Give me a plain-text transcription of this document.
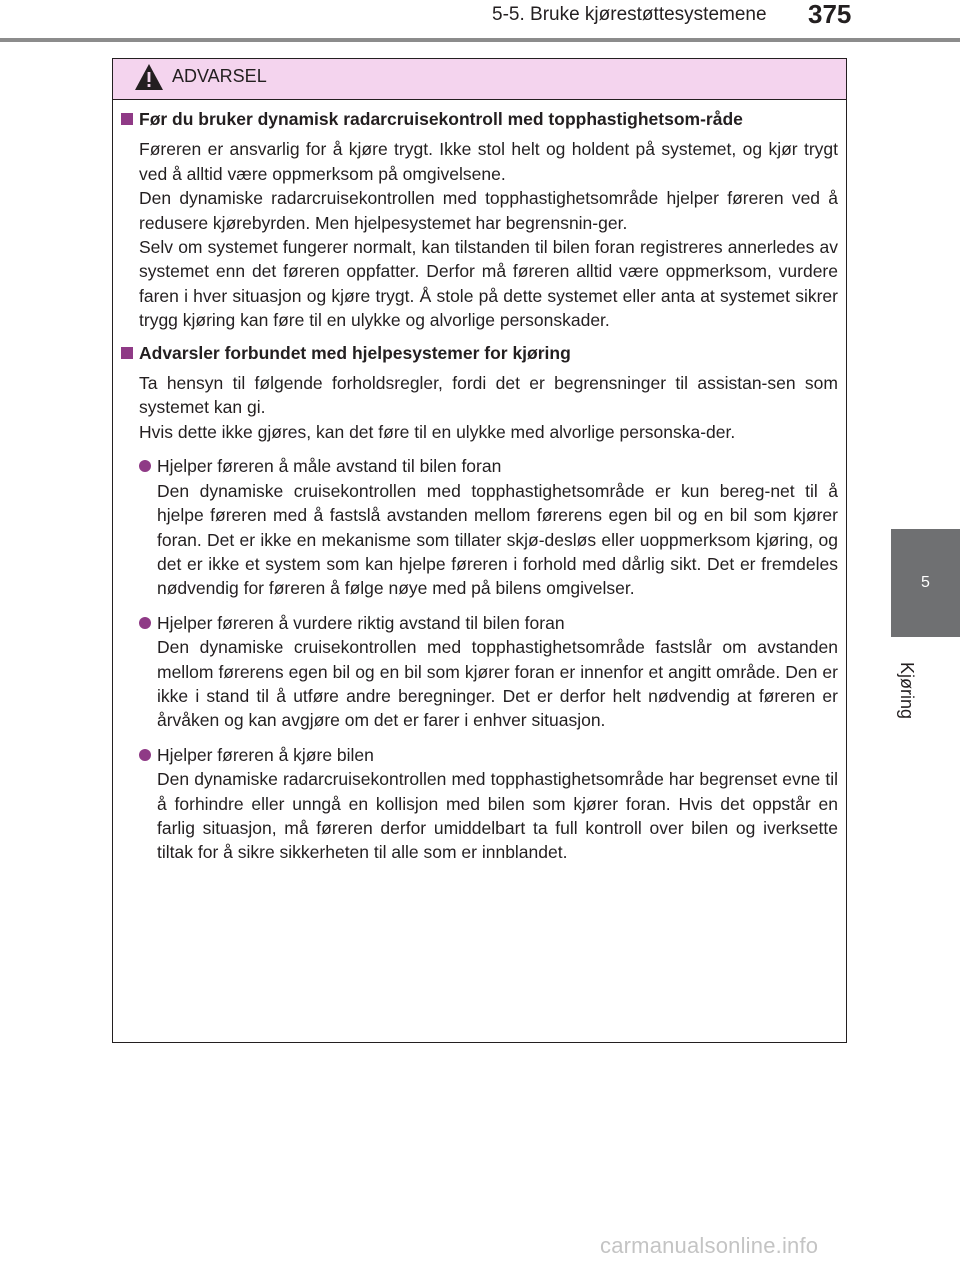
5-5. Bruke kjørestøttesystemene	375
5
Kjøring
ADVARSEL
Før du bruker dynamisk radarcruisekontroll med topphastighetsom-råde

Føreren er ansvarlig for å kjøre trygt. Ikke stol helt og holdent på systemet, og kjør trygt ved å alltid være oppmerksom på omgivelsene.

Den dynamiske radarcruisekontrollen med topphastighetsområde hjelper føreren ved å redusere kjørebyrden. Men hjelpesystemet har begrensnin-ger.

Selv om systemet fungerer normalt, kan tilstanden til bilen foran registreres annerledes av systemet enn det føreren oppfatter. Derfor må føreren alltid være oppmerksom, vurdere faren i hver situasjon og kjøre trygt. Å stole på dette systemet eller anta at systemet sikrer trygg kjøring kan føre til en ulykke og alvorlige personskader.

Advarsler forbundet med hjelpesystemer for kjøring

Ta hensyn til følgende forholdsregler, fordi det er begrensninger til assistan-sen som systemet kan gi.

Hvis dette ikke gjøres, kan det føre til en ulykke med alvorlige personska-der.

Hjelper føreren å måle avstand til bilen foran

Den dynamiske cruisekontrollen med topphastighetsområde er kun bereg-net til å hjelpe føreren med å fastslå avstanden mellom førerens egen bil og en bil som kjører foran. Det er ikke en mekanisme som tillater skjø-desløs eller uoppmerksom kjøring, og det er ikke et system som kan hjelpe føreren i forhold med dårlig sikt. Det er fremdeles nødvendig for føreren å følge nøye med på bilens omgivelser.

Hjelper føreren å vurdere riktig avstand til bilen foran

Den dynamiske cruisekontrollen med topphastighetsområde fastslår om avstanden mellom førerens egen bil og en bil som kjører foran er innenfor et angitt område. Den er ikke i stand til å utføre andre beregninger. Det er derfor helt nødvendig at føreren er årvåken og kan avgjøre om det er farer i enhver situasjon.

Hjelper føreren å kjøre bilen

Den dynamiske radarcruisekontrollen med topphastighetsområde har begrenset evne til å forhindre eller unngå en kollisjon med bilen som kjører foran. Hvis det oppstår en farlig situasjon, må føreren derfor umiddelbart ta full kontroll over bilen og iverksette tiltak for å sikre sikkerheten til alle som er innblandet.

carmanualsonline.info
